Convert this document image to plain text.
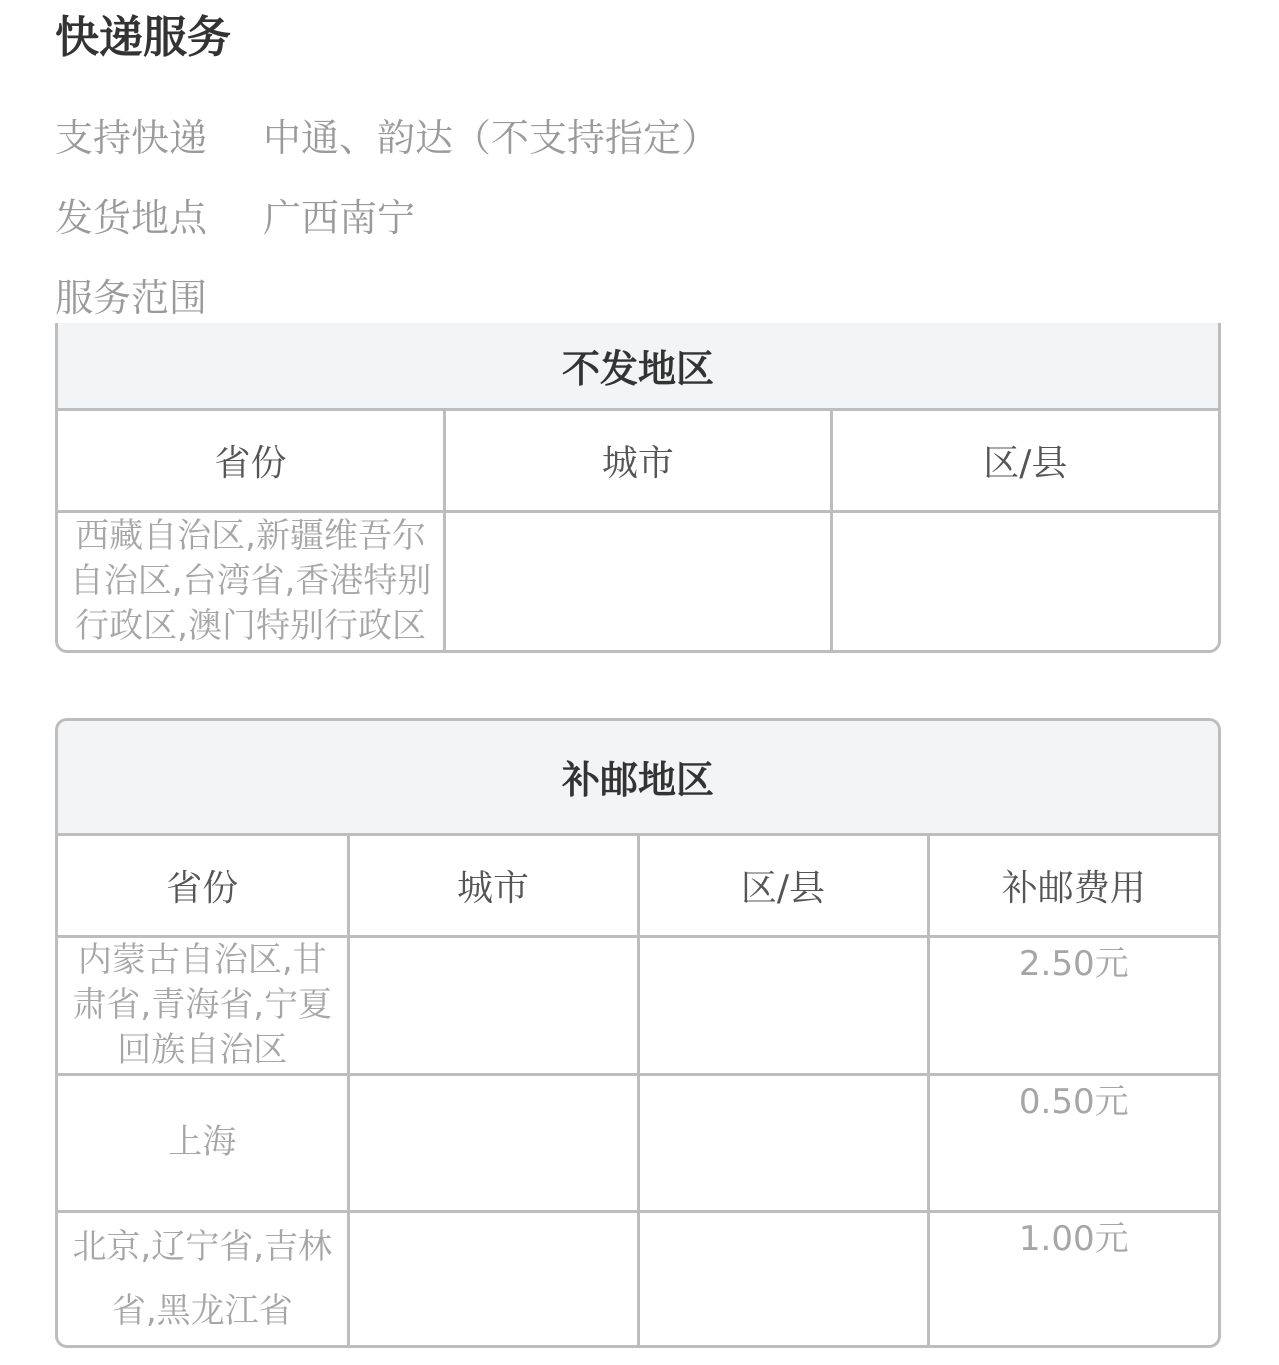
快递服务
支持快递 中通、韵达（不支持指定）
发货地点 广西南宁
服务范围
不发地区		
省份	城市	区/县
西藏自治区,新疆维吾尔自治区,台湾省,香港特别行政区,澳门特别行政区		
补邮地区			
省份	城市	区/县	补邮费用
内蒙古自治区,甘肃省,青海省,宁夏回族自治区			2.50元
上海			0.50元
北京,辽宁省,吉林省,黑龙江省			1.00元
